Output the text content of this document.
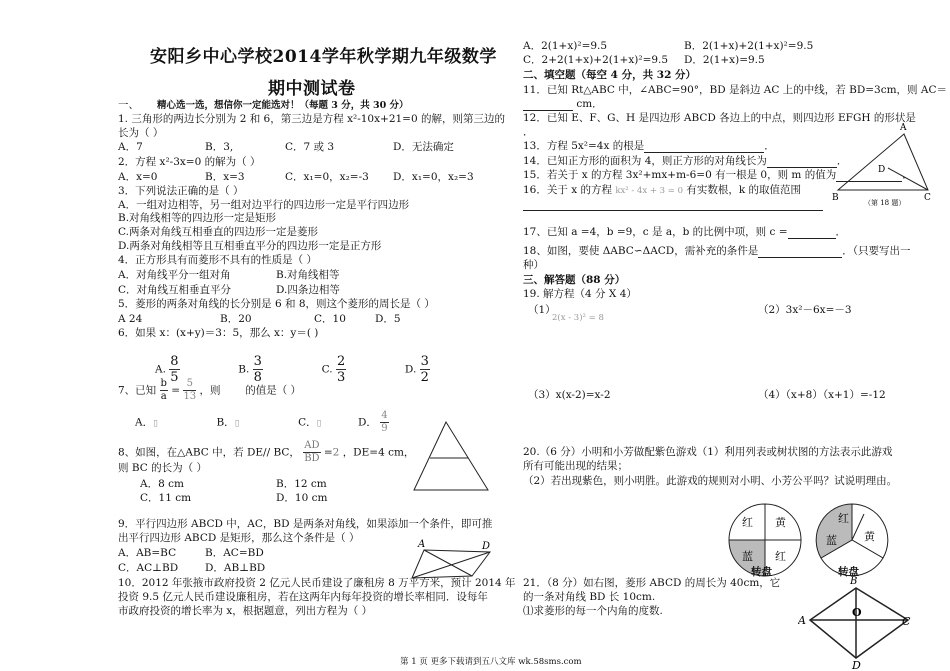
安阳乡中心学校2014学年秋学期九年级数学
期中测试卷
一、 精心选一选，想信你一定能选对！（每题 3 分，共 30 分）
1. 三角形的两边长分别为 2 和 6，第三边是方程 x²-10x+21=0 的解，则第三边的
长为（ ）
A．7	B．3,	C．7 或 3	D．无法确定
2．方程 x²-3x=0 的解为（ ）
A．x=0	B．x=3	C．x₁=0，x₂=-3 D．x₁=0，x₂=3
3．下列说法正确的是（ ）
A．一组对边相等，另一组对边平行的四边形一定是平行四边形
B.对角线相等的四边形一定是矩形
C.两条对角线互相垂直的四边形一定是菱形
D.两条对角线相等且互相垂直平分的四边形一定是正方形
4．正方形具有而菱形不具有的性质是（ ）
A．对角线平分一组对角	B.对角线相等
C．对角线互相垂直平分	D.四条边相等
5．菱形的两条对角线的长分别是 6 和 8，则这个菱形的周长是（ ）
A 24	B．20	C．10	D．5
6．如果 x：(x+y)＝3：5，那么 x：y＝( )
A. $\frac{8}{5}$	B. $\frac{3}{8}$	C. $\frac{2}{3}$	D. $\frac{3}{2}$
7、已知 $\frac{b}{a} = \frac{5}{13}$ ，则 的值是（ ）
A．▯	B．▯	C．▯	D． $\frac{4}{9}$
8、如图，在△ABC 中，若 DE// BC， $\frac{AD}{BD} =2$ ，DE=4 cm，
则 BC 的长为（ ）
A．8 cm	B．12 cm
C．11 cm	D．10 cm
9．平行四边形 ABCD 中，AC，BD 是两条对角线，如果添加一个条件，即可推
出平行四边形 ABCD 是矩形，那么这个条件是（ ）
A．AB=BC	B．AC=BD
C．AC⊥BD	D．AB⊥BD
A	D
10．2012 年张掖市政府投资 2 亿元人民币建设了廉租房 8 万平方米，预计 2014 年
投资 9.5 亿元人民币建设廉租房，若在这两年内每年投资的增长率相同．设每年
市政府投资的增长率为 x，根据题意，列出方程为（ ）
A．2(1+x)²=9.5	B．2(1+x)+2(1+x)²=9.5
C．2+2(1+x)+2(1+x)²=9.5 D．2(1+x)=9.5
二、填空题（每空 4 分，共 32 分）
11．已知 Rt△ABC 中，∠ABC=90°，BD 是斜边 AC 上的中线，若 BD=3cm，则 AC＝
cm．
12．已知 E、F、G、H 是四边形 ABCD 各边上的中点，则四边形 EFGH 的形状是
．
13．方程 5x²=4x 的根是	．
14．已知正方形的面积为 4，则正方形的对角线长为	．
15．若关于 x 的方程 3x²+mx+m-6=0 有一根是 0，则 m 的值为	．
16．关于 x 的方程 kx² - 4x + 3 = 0 有实数根，k 的取值范围
A
D
B	C
（第 18 题）
17、已知 a =4，b =9，c 是 a，b 的比例中项，则 c =	．
18、如图，要使 ΔABC∽ΔACD，需补充的条件是	．（只要写出一
种）
三、解答题（88 分）
19. 解方程（4 分 X 4）
（1）
2(x - 3)² = 8
（2）3x²－6x=－3
（3）x(x-2)=x-2	（4）（x+8）（x+1）=-12
20.（6 分）小明和小芳做配紫色游戏（1）利用列表或树状图的方法表示此游戏
所有可能出现的结果；
（2）若出现紫色，则小明胜。此游戏的规则对小明、小芳公平吗？试说明理由。
红 黄
蓝 红
转盘
红
黄
蓝
转盘
21．（8 分）如右图，菱形 ABCD 的周长为 40cm，它
的一条对角线 BD 长 10cm.
⑴求菱形的每一个内角的度数.
B
O
A	C
D
第 1 页 更多下载请到五八文库 wk.58sms.com
